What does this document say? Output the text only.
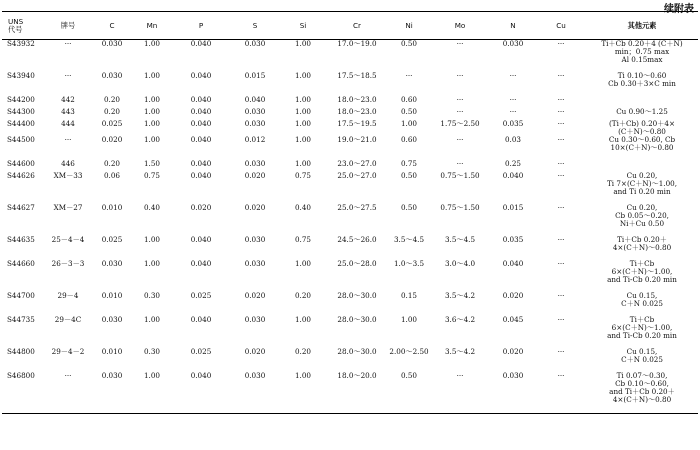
续附表
UNS
代号	牌号	C	Mn	P	S	Si	Cr	Ni	Mo	N	Cu	其他元素
S43932	···	0.030	1.00	0.040	0.030	1.00	17.0～19.0	0.50	···	0.030	···	Ti＋Cb 0.20＋4 (C＋N)
min；0.75 max
Al 0.15max

S43940	···	0.030	1.00	0.040	0.015	1.00	17.5～18.5	···	···	···	···	Ti 0.10～0.60
Cb 0.30＋3×C min

S44200	442	0.20	1.00	0.040	0.040	1.00	18.0～23.0	0.60	···	···	···	

S44300	443	0.20	1.00	0.040	0.030	1.00	18.0～23.0	0.50	···	···	···	Cu 0.90～1.25

S44400	444	0.025	1.00	0.040	0.030	1.00	17.5～19.5	1.00	1.75～2.50	0.035	···	(Ti＋Cb) 0.20＋4×
(C＋N)～0.80

S44500	···	0.020	1.00	0.040	0.012	1.00	19.0～21.0	0.60	···	0.03	···	Cu 0.30～0.60, Cb
10×(C＋N)～0.80

S44600	446	0.20	1.50	0.040	0.030	1.00	23.0～27.0	0.75	···	0.25	···	

S44626	XM－33	0.06	0.75	0.040	0.020	0.75	25.0～27.0	0.50	0.75～1.50	0.040	···	Cu 0.20,
Ti 7×(C＋N)～1.00,
and Ti 0.20 min

S44627	XM－27	0.010	0.40	0.020	0.020	0.40	25.0～27.5	0.50	0.75～1.50	0.015	···	Cu 0.20,
Cb 0.05～0.20,
Ni＋Cu 0.50

S44635	25－4－4	0.025	1.00	0.040	0.030	0.75	24.5～26.0	3.5～4.5	3.5～4.5	0.035	···	Ti＋Cb 0.20＋
4×(C＋N)～0.80

S44660	26－3－3	0.030	1.00	0.040	0.030	1.00	25.0～28.0	1.0～3.5	3.0～4.0	0.040	···	Ti＋Cb
6×(C＋N)～1.00,
and Ti-Cb 0.20 min

S44700	29－4	0.010	0.30	0.025	0.020	0.20	28.0～30.0	0.15	3.5～4.2	0.020	···	Cu 0.15,
C＋N 0.025

S44735	29－4C	0.030	1.00	0.040	0.030	1.00	28.0～30.0	1.00	3.6～4.2	0.045	···	Ti＋Cb
6×(C＋N)～1.00,
and Ti-Cb 0.20 min

S44800	29－4－2	0.010	0.30	0.025	0.020	0.20	28.0～30.0	2.00～2.50	3.5～4.2	0.020	···	Cu 0.15,
C＋N 0.025

S46800	···	0.030	1.00	0.040	0.030	1.00	18.0～20.0	0.50	···	0.030	···	Ti 0.07～0.30,
Cb 0.10～0.60,
and Ti＋Cb 0.20＋
4×(C＋N)～0.80
